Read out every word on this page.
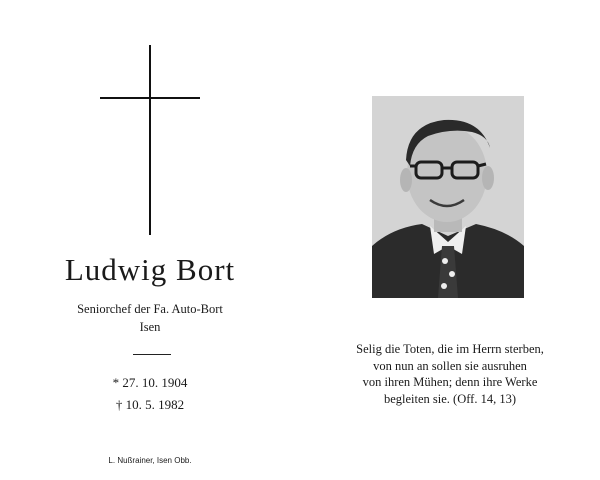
Ludwig Bort
Seniorchef der Fa. Auto-Bort
Isen
* 27. 10. 1904
† 10. 5. 1982
L. Nußrainer, Isen Obb.
Selig die Toten, die im Herrn sterben,
von nun an sollen sie ausruhen
von ihren Mühen; denn ihre Werke
begleiten sie. (Off. 14, 13)
